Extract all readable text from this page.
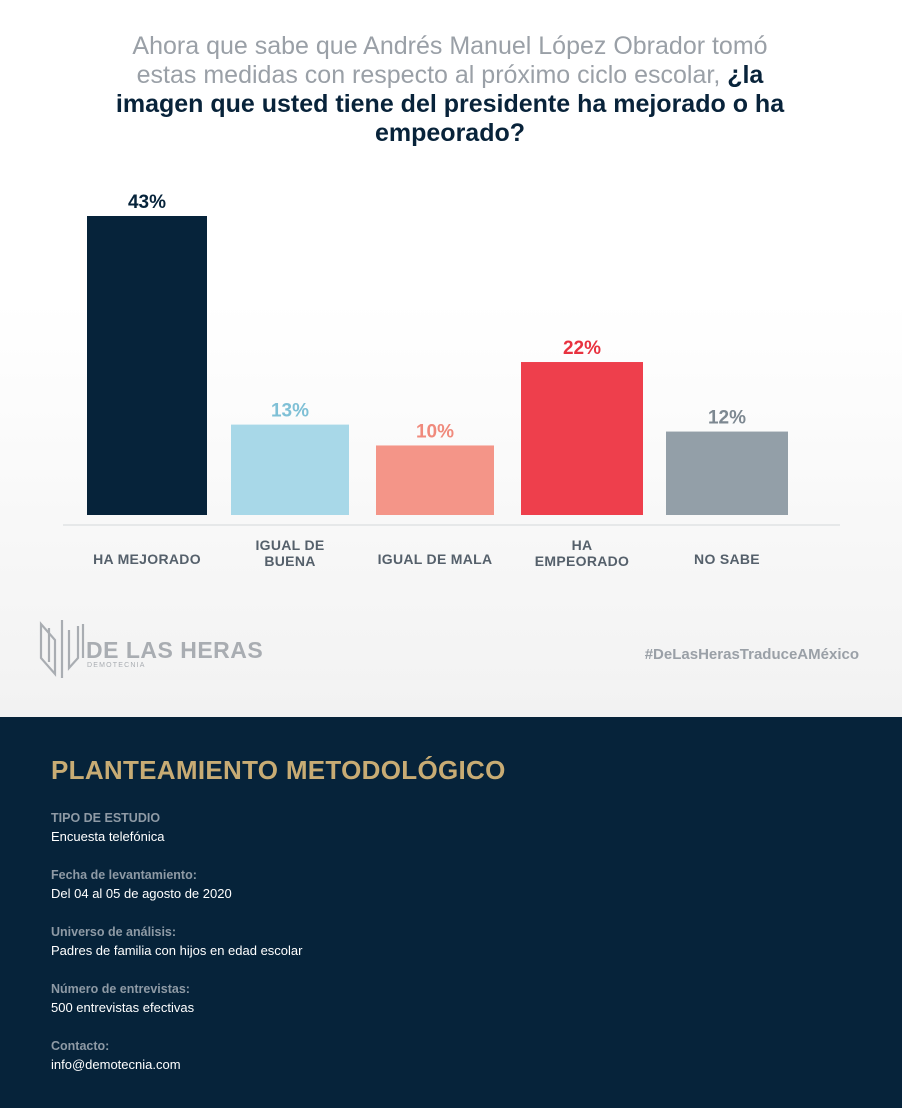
Ahora que sabe que Andrés Manuel López Obrador tomó estas medidas con respecto al próximo ciclo escolar, ¿la imagen que usted tiene del presidente ha mejorado o ha empeorado?
43%
13%
10%
22%
12%
HA MEJORADO
IGUAL DE
BUENA	IGUAL DE MALA
HA
EMPEORADO	NO SABE
DE LAS HERAS
DEMOTECNIA
#DeLasHerasTraduceAMéxico
PLANTEAMIENTO METODOLÓGICO
TIPO DE ESTUDIO
Encuesta telefónica
Fecha de levantamiento:
Del 04 al 05 de agosto de 2020
Universo de análisis:
Padres de familia con hijos en edad escolar
Número de entrevistas:
500 entrevistas efectivas
Contacto:
info@demotecnia.com
